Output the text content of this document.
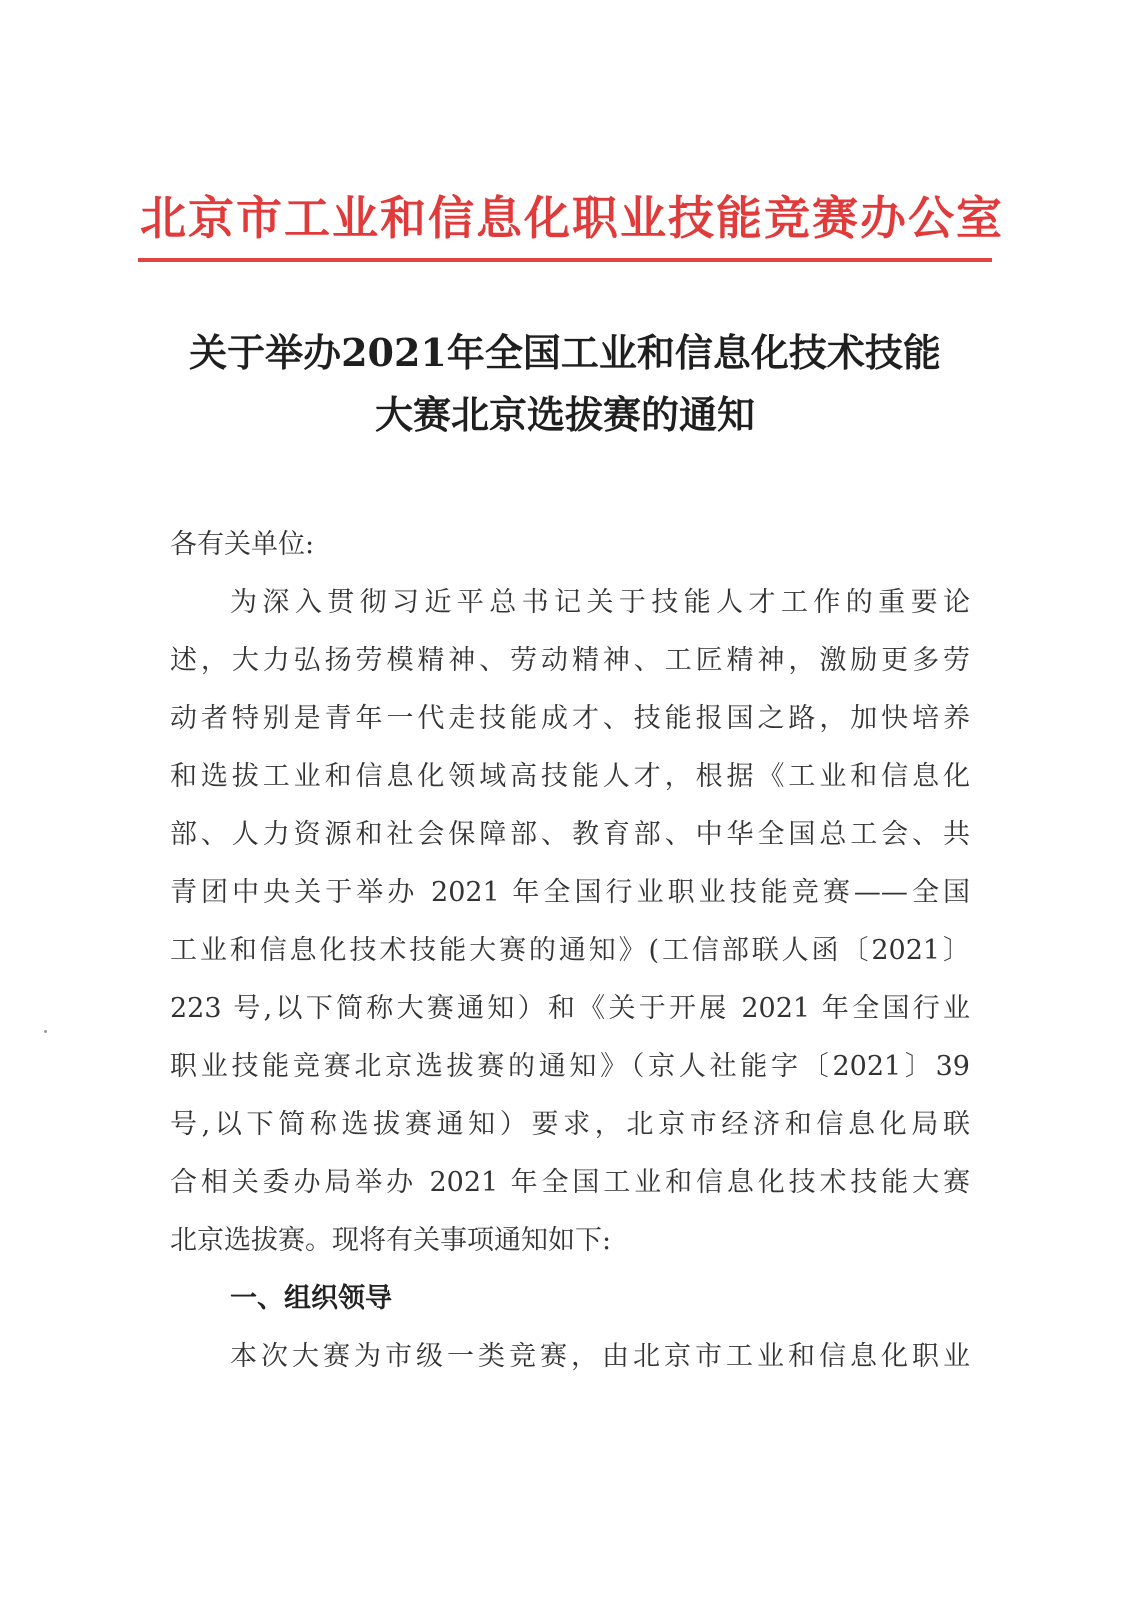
北京市工业和信息化职业技能竞赛办公室
关于举办2021年全国工业和信息化技术技能
大赛北京选拔赛的通知
各有关单位:
为深入贯彻习近平总书记关于技能人才工作的重要论
述，大力弘扬劳模精神、劳动精神、工匠精神，激励更多劳
动者特别是青年一代走技能成才、技能报国之路，加快培养
和选拔工业和信息化领域高技能人才，根据《工业和信息化
部、人力资源和社会保障部、教育部、中华全国总工会、共
青团中央关于举办 2021 年全国行业职业技能竞赛——全国
工业和信息化技术技能大赛的通知》(工信部联人函〔2021〕
223 号,以下简称大赛通知）和《关于开展 2021 年全国行业
职业技能竞赛北京选拔赛的通知》（京人社能字〔2021〕39
号,以下简称选拔赛通知）要求，北京市经济和信息化局联
合相关委办局举办 2021 年全国工业和信息化技术技能大赛
北京选拔赛。现将有关事项通知如下:
一、组织领导
本次大赛为市级一类竞赛，由北京市工业和信息化职业
